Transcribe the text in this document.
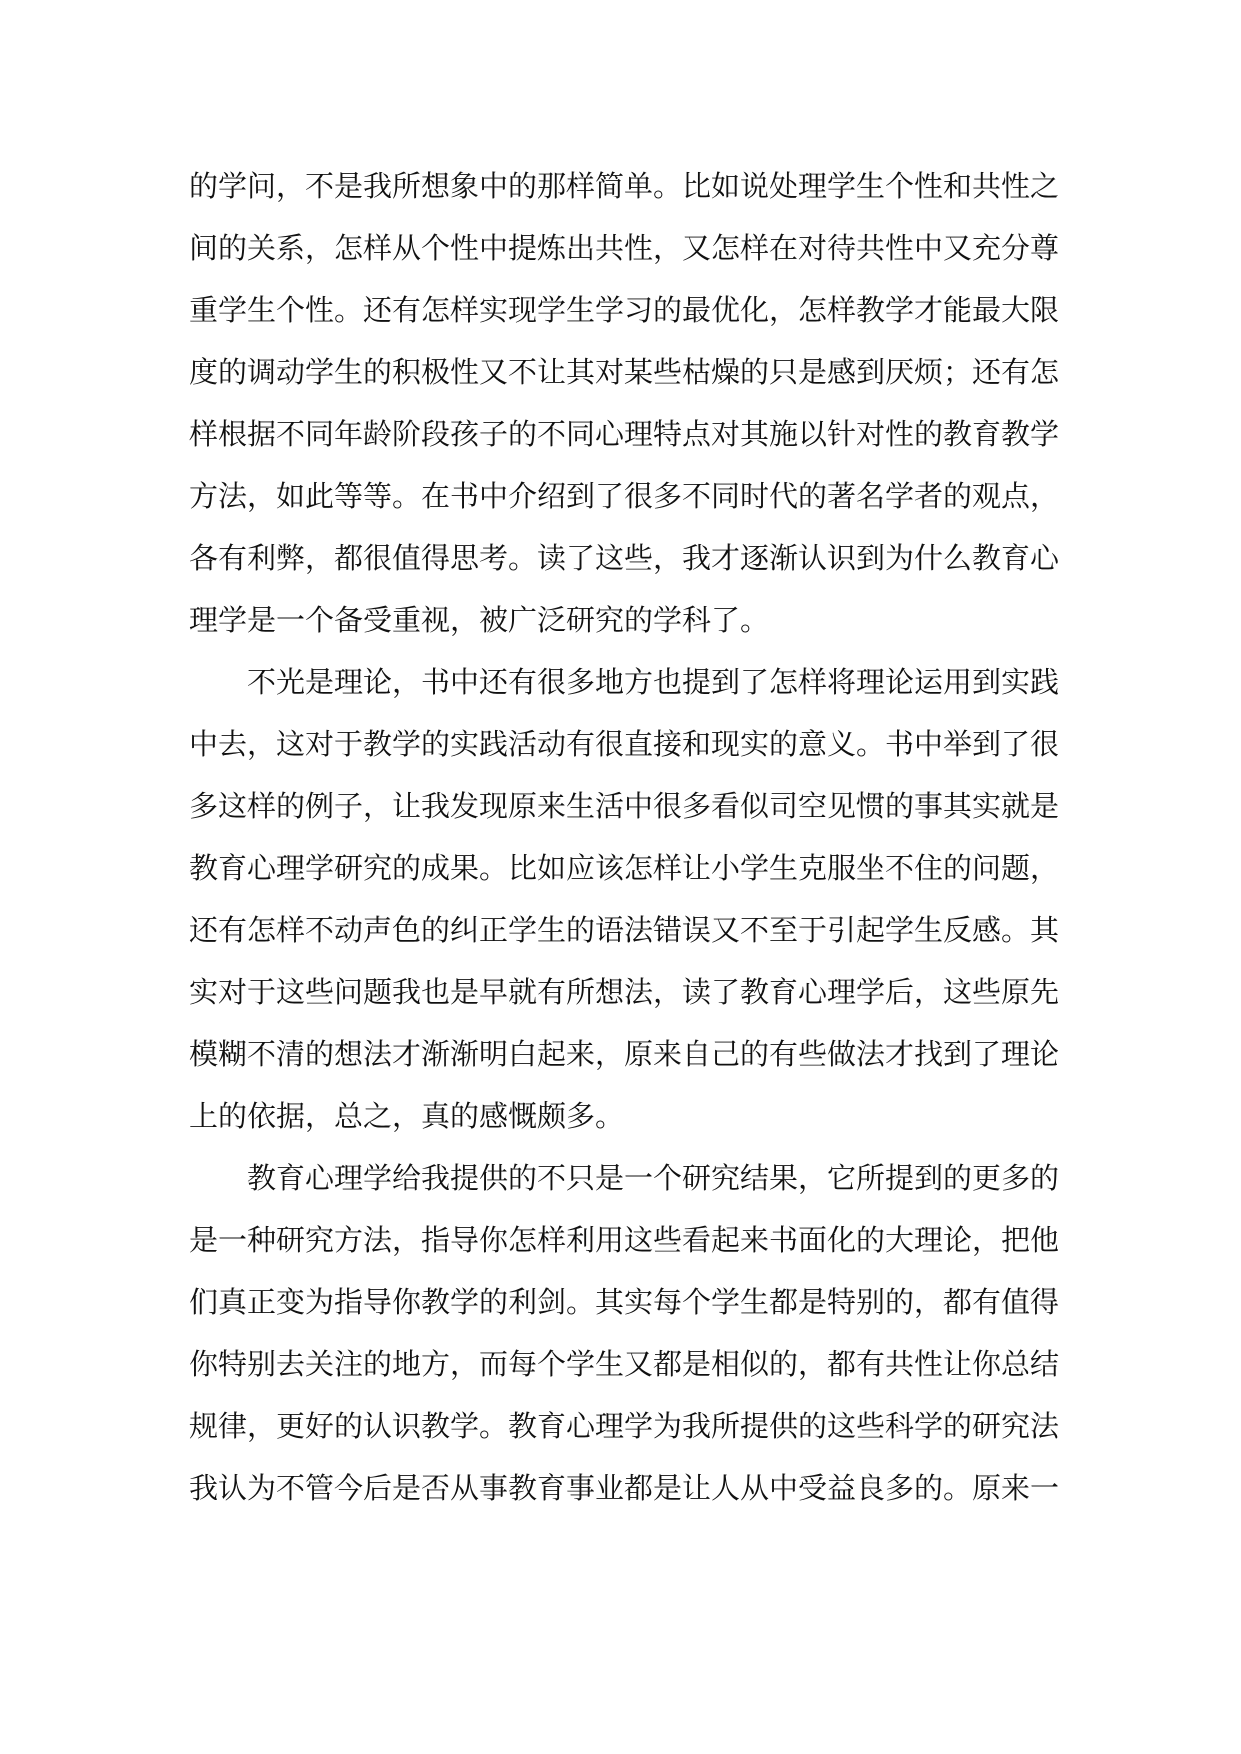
的学问，不是我所想象中的那样简单。比如说处理学生个性和共性之间的关系，怎样从个性中提炼出共性，又怎样在对待共性中又充分尊重学生个性。还有怎样实现学生学习的最优化，怎样教学才能最大限度的调动学生的积极性又不让其对某些枯燥的只是感到厌烦；还有怎样根据不同年龄阶段孩子的不同心理特点对其施以针对性的教育教学方法，如此等等。在书中介绍到了很多不同时代的著名学者的观点，各有利弊，都很值得思考。读了这些，我才逐渐认识到为什么教育心理学是一个备受重视，被广泛研究的学科了。

不光是理论，书中还有很多地方也提到了怎样将理论运用到实践中去，这对于教学的实践活动有很直接和现实的意义。书中举到了很多这样的例子，让我发现原来生活中很多看似司空见惯的事其实就是教育心理学研究的成果。比如应该怎样让小学生克服坐不住的问题，还有怎样不动声色的纠正学生的语法错误又不至于引起学生反感。其实对于这些问题我也是早就有所想法，读了教育心理学后，这些原先模糊不清的想法才渐渐明白起来，原来自己的有些做法才找到了理论上的依据，总之，真的感慨颇多。

教育心理学给我提供的不只是一个研究结果，它所提到的更多的是一种研究方法，指导你怎样利用这些看起来书面化的大理论，把他们真正变为指导你教学的利剑。其实每个学生都是特别的，都有值得你特别去关注的地方，而每个学生又都是相似的，都有共性让你总结规律，更好的认识教学。教育心理学为我所提供的这些科学的研究法我认为不管今后是否从事教育事业都是让人从中受益良多的。原来一
